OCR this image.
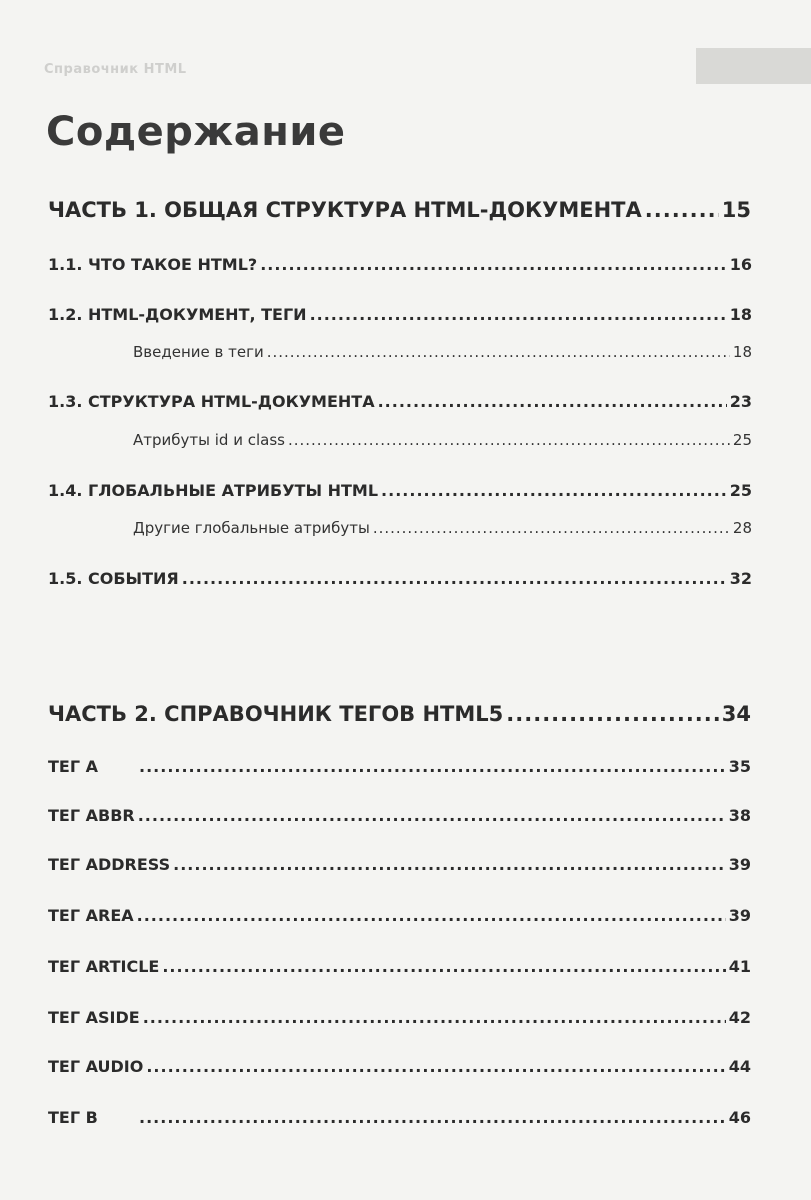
Справочник HTML
Содержание
ЧАСТЬ 1. ОБЩАЯ СТРУКТУРА HTML-ДОКУМЕНТА .....	15
1.1. ЧТО ТАКОЕ HTML? .....	16
1.2. HTML-ДОКУМЕНТ, ТЕГИ .....	18
Введение в теги .....	18
1.3. СТРУКТУРА HTML-ДОКУМЕНТА .....	23
Атрибуты id и class .....	25
1.4. ГЛОБАЛЬНЫЕ АТРИБУТЫ HTML .....	25
Другие глобальные атрибуты .....	28
1.5. СОБЫТИЯ .....	32
ЧАСТЬ 2. СПРАВОЧНИК ТЕГОВ HTML5 .....	34
ТЕГ A .....	35
ТЕГ ABBR .....	38
ТЕГ ADDRESS .....	39
ТЕГ AREA .....	39
ТЕГ ARTICLE .....	41
ТЕГ ASIDE .....	42
ТЕГ AUDIO .....	44
ТЕГ B .....	46
